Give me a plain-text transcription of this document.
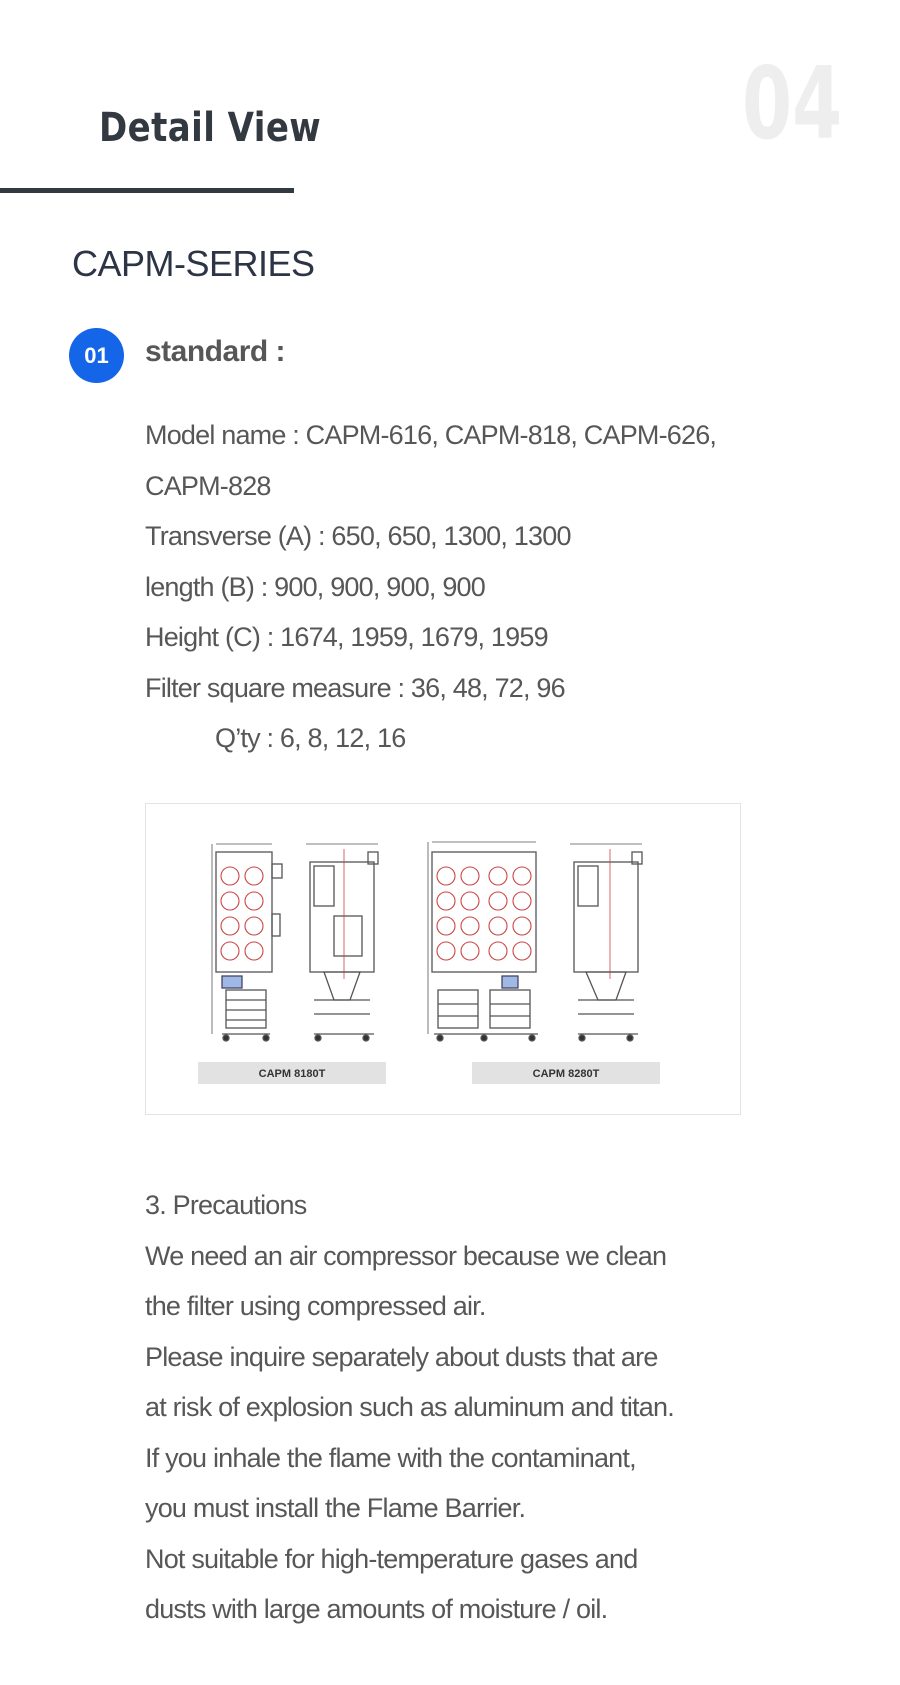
Detail View	04
CAPM-SERIES
01	standard :
Model name : CAPM-616, CAPM-818, CAPM-626,
CAPM-828
Transverse (A) : 650, 650, 1300, 1300
length (B) : 900, 900, 900, 900
Height (C) : 1674, 1959, 1679, 1959
Filter square measure : 36, 48, 72, 96
Q’ty : 6, 8, 12, 16
CAPM 8180T	CAPM 8280T
3. Precautions
We need an air compressor because we clean
the filter using compressed air.
Please inquire separately about dusts that are
at risk of explosion such as aluminum and titan.
If you inhale the flame with the contaminant,
you must install the Flame Barrier.
Not suitable for high-temperature gases and
dusts with large amounts of moisture / oil.
